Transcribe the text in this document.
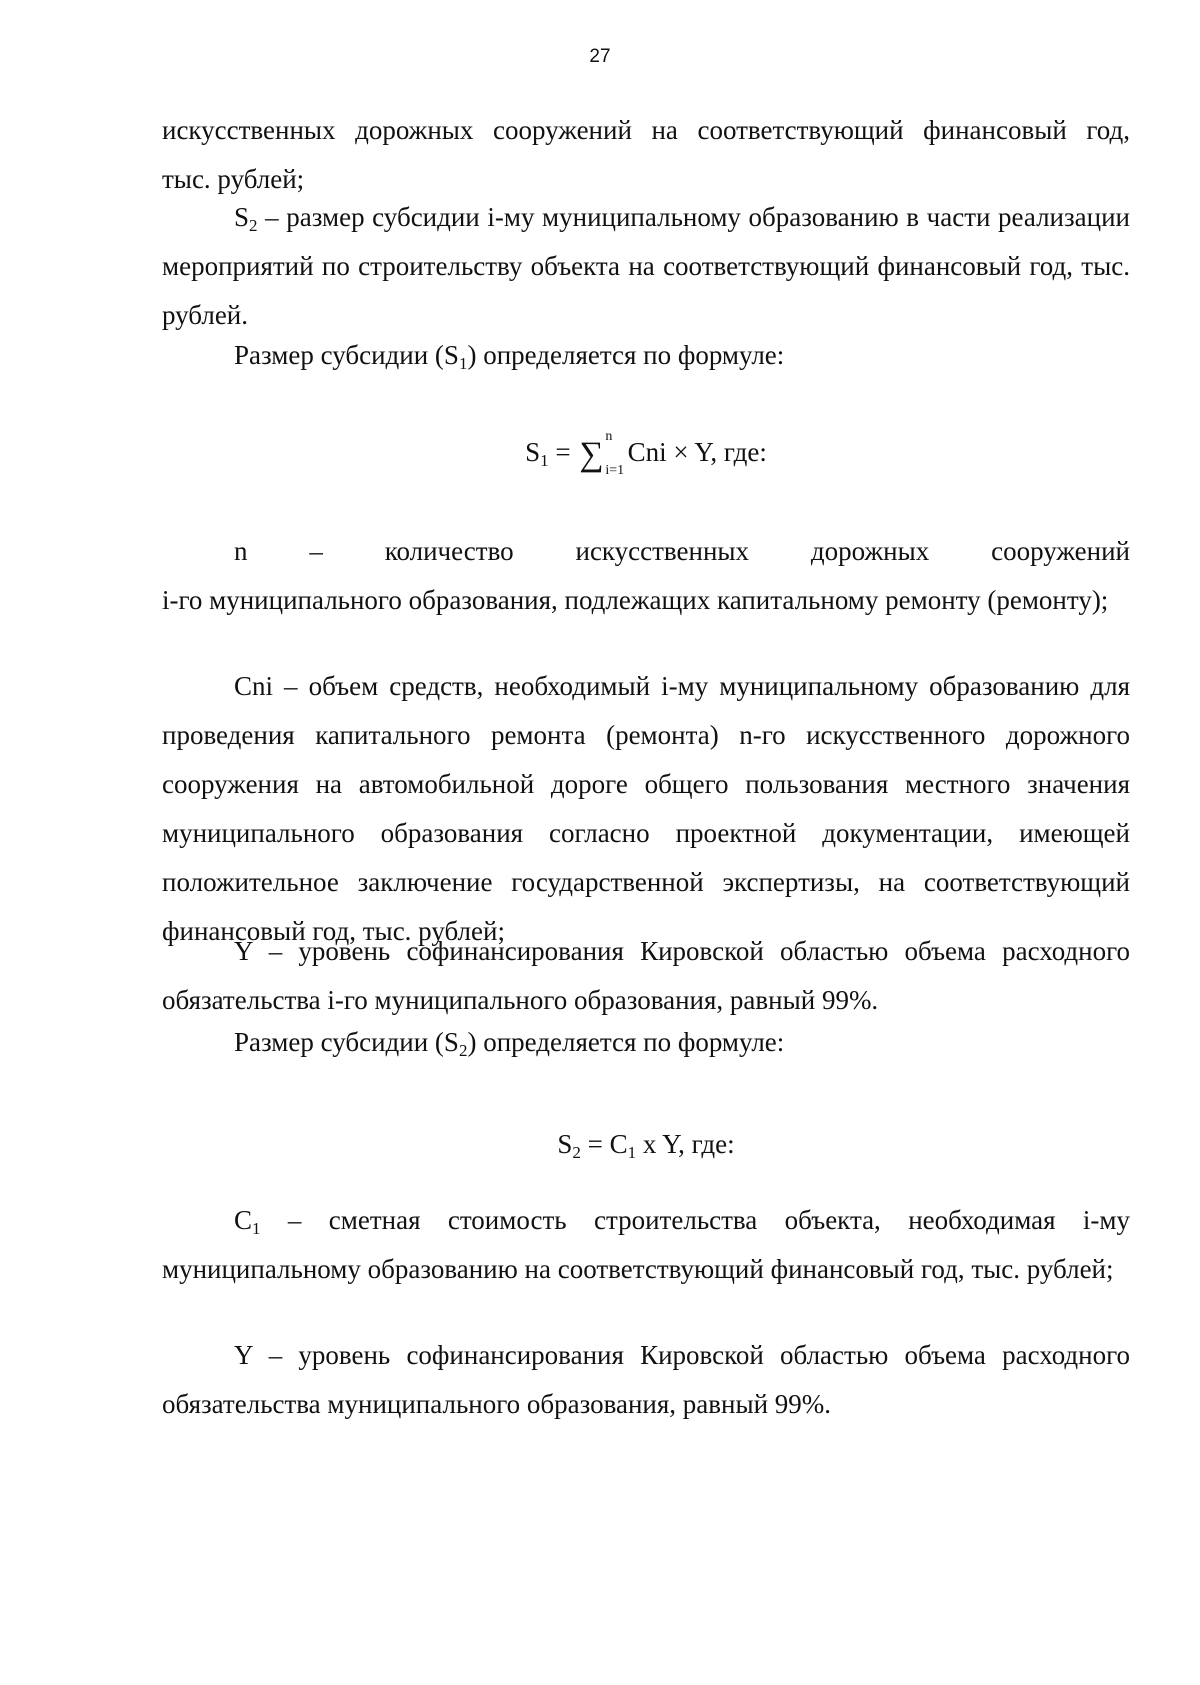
27

искусственных дорожных сооружений на соответствующий финансовый год,

тыс. рублей;

$S_2$ – размер субсидии i-му муниципальному образованию в части реализации мероприятий по строительству объекта на соответствующий финансовый год, тыс. рублей.

Размер субсидии $(S_1)$ определяется по формуле:

$S_1$ = ∑ n
i=1
Cni × Y, где:

n – количество искусственных дорожных сооружений

i-го муниципального образования, подлежащих капитальному ремонту (ремонту);

Cni – объем средств, необходимый i-му муниципальному образованию для проведения капитального ремонта (ремонта) n-го искусственного дорожного сооружения на автомобильной дороге общего пользования местного значения муниципального образования согласно проектной документации, имеющей положительное заключение государственной экспертизы, на соответствующий финансовый год, тыс. рублей;

Y – уровень софинансирования Кировской областью объема расходного обязательства i-го муниципального образования, равный 99%.

Размер субсидии $(S_2)$ определяется по формуле:

$S_2 = C_1$ x Y, где:

$C_1$ – сметная стоимость строительства объекта, необходимая i-му муниципальному образованию на соответствующий финансовый год, тыс. рублей;

Y – уровень софинансирования Кировской областью объема расходного обязательства муниципального образования, равный 99%.
